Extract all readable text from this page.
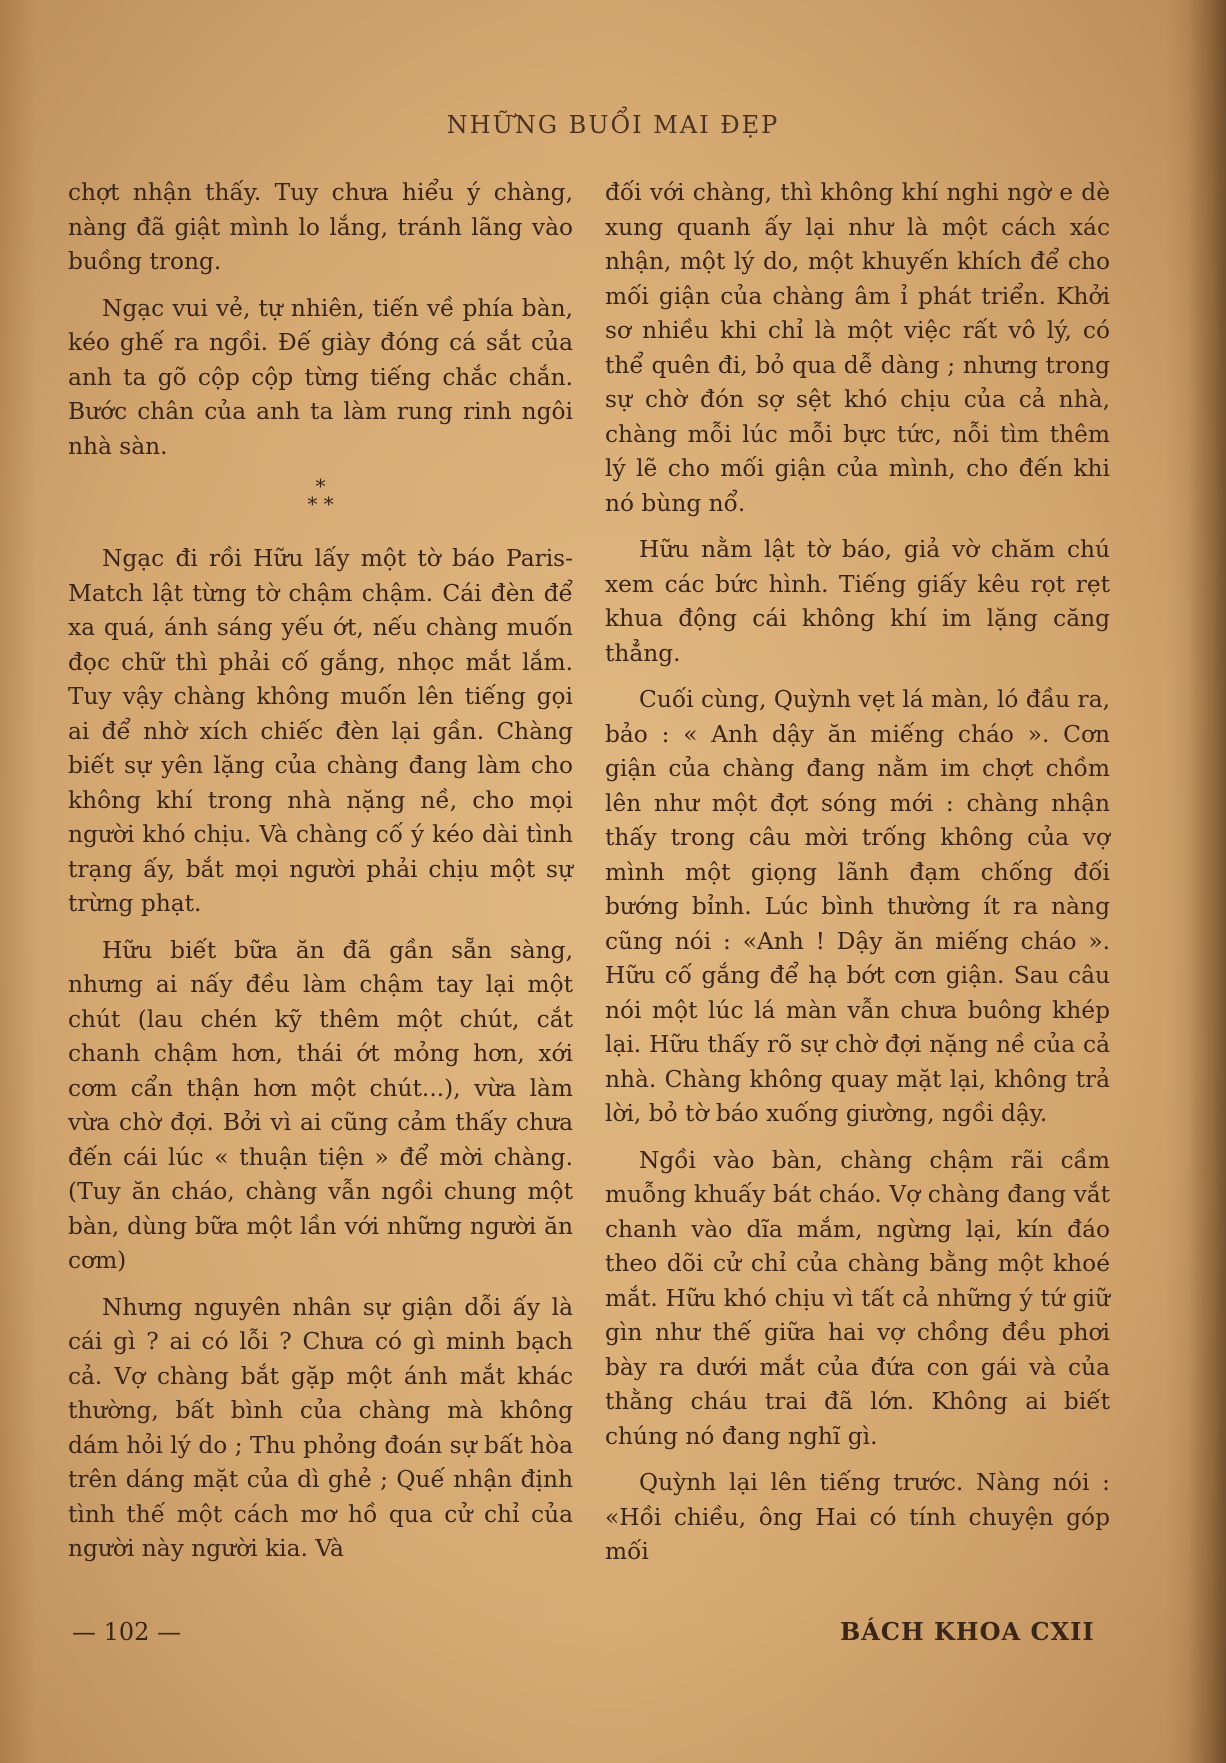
NHỮNG BUỔI MAI ĐẸP

chợt nhận thấy. Tuy chưa hiểu ý chàng, nàng đã giật mình lo lắng, tránh lãng vào buồng trong.

Ngạc vui vẻ, tự nhiên, tiến về phía bàn, kéo ghế ra ngồi. Đế giày đóng cá sắt của anh ta gõ cộp cộp từng tiếng chắc chắn. Bước chân của anh ta làm rung rinh ngôi nhà sàn.

*
* *

Ngạc đi rồi Hữu lấy một tờ báo Paris-Match lật từng tờ chậm chậm. Cái đèn để xa quá, ánh sáng yếu ớt, nếu chàng muốn đọc chữ thì phải cố gắng, nhọc mắt lắm. Tuy vậy chàng không muốn lên tiếng gọi ai để nhờ xích chiếc đèn lại gần. Chàng biết sự yên lặng của chàng đang làm cho không khí trong nhà nặng nề, cho mọi người khó chịu. Và chàng cố ý kéo dài tình trạng ấy, bắt mọi người phải chịu một sự trừng phạt.

Hữu biết bữa ăn đã gần sẵn sàng, nhưng ai nấy đều làm chậm tay lại một chút (lau chén kỹ thêm một chút, cắt chanh chậm hơn, thái ớt mỏng hơn, xới cơm cẩn thận hơn một chút...), vừa làm vừa chờ đợi. Bởi vì ai cũng cảm thấy chưa đến cái lúc « thuận tiện » để mời chàng. (Tuy ăn cháo, chàng vẫn ngồi chung một bàn, dùng bữa một lần với những người ăn cơm)

Nhưng nguyên nhân sự giận dỗi ấy là cái gì ? ai có lỗi ? Chưa có gì minh bạch cả. Vợ chàng bắt gặp một ánh mắt khác thường, bất bình của chàng mà không dám hỏi lý do ; Thu phỏng đoán sự bất hòa trên dáng mặt của dì ghẻ ; Quế nhận định tình thế một cách mơ hồ qua cử chỉ của người này người kia. Và

đối với chàng, thì không khí nghi ngờ e dè xung quanh ấy lại như là một cách xác nhận, một lý do, một khuyến khích để cho mối giận của chàng âm ỉ phát triển. Khởi sơ nhiều khi chỉ là một việc rất vô lý, có thể quên đi, bỏ qua dễ dàng ; nhưng trong sự chờ đón sợ sệt khó chịu của cả nhà, chàng mỗi lúc mỗi bực tức, nỗi tìm thêm lý lẽ cho mối giận của mình, cho đến khi nó bùng nổ.

Hữu nằm lật tờ báo, giả vờ chăm chú xem các bức hình. Tiếng giấy kêu rọt rẹt khua động cái không khí im lặng căng thẳng.

Cuối cùng, Quỳnh vẹt lá màn, ló đầu ra, bảo : « Anh dậy ăn miếng cháo ». Cơn giận của chàng đang nằm im chợt chồm lên như một đợt sóng mới : chàng nhận thấy trong câu mời trống không của vợ mình một giọng lãnh đạm chống đối bướng bỉnh. Lúc bình thường ít ra nàng cũng nói : «Anh ! Dậy ăn miếng cháo ». Hữu cố gắng để hạ bớt cơn giận. Sau câu nói một lúc lá màn vẫn chưa buông khép lại. Hữu thấy rõ sự chờ đợi nặng nề của cả nhà. Chàng không quay mặt lại, không trả lời, bỏ tờ báo xuống giường, ngồi dậy.

Ngồi vào bàn, chàng chậm rãi cầm muỗng khuấy bát cháo. Vợ chàng đang vắt chanh vào dĩa mắm, ngừng lại, kín đáo theo dõi cử chỉ của chàng bằng một khoé mắt. Hữu khó chịu vì tất cả những ý tứ giữ gìn như thế giữa hai vợ chồng đều phơi bày ra dưới mắt của đứa con gái và của thằng cháu trai đã lớn. Không ai biết chúng nó đang nghĩ gì.

Quỳnh lại lên tiếng trước. Nàng nói : «Hồi chiều, ông Hai có tính chuyện góp mối

— 102 —	BÁCH KHOA CXII
